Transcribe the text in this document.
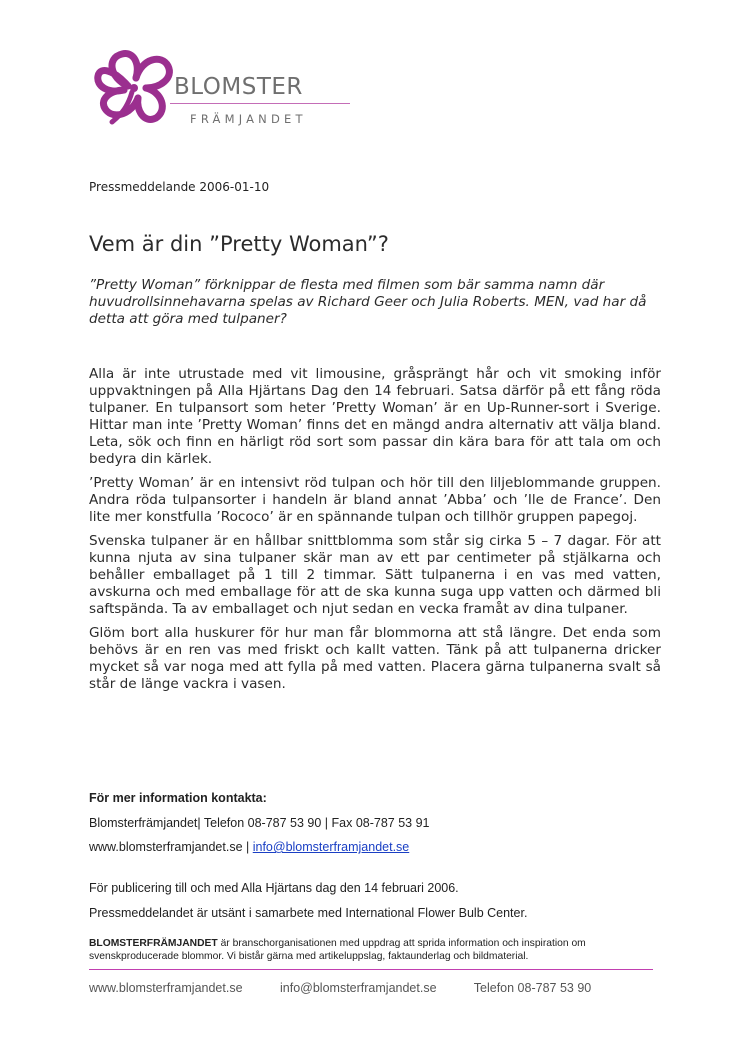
BLOMSTER
FRÄMJANDET
Pressmeddelande 2006-01-10
Vem är din ”Pretty Woman”?
”Pretty Woman” förknippar de flesta med filmen som bär samma namn där huvudrollsinnehavarna spelas av Richard Geer och Julia Roberts. MEN, vad har då detta att göra med tulpaner?

Alla är inte utrustade med vit limousine, gråsprängt hår och vit smoking inför uppvaktningen på Alla Hjärtans Dag den 14 februari. Satsa därför på ett fång röda tulpaner. En tulpansort som heter ’Pretty Woman’ är en Up-Runner-sort i Sverige. Hittar man inte ’Pretty Woman’ finns det en mängd andra alternativ att välja bland. Leta, sök och finn en härligt röd sort som passar din kära bara för att tala om och bedyra din kärlek.

’Pretty Woman’ är en intensivt röd tulpan och hör till den liljeblommande gruppen. Andra röda tulpansorter i handeln är bland annat ’Abba’ och ’Ile de France’. Den lite mer konstfulla ’Rococo’ är en spännande tulpan och tillhör gruppen papegoj.

Svenska tulpaner är en hållbar snittblomma som står sig cirka 5 – 7 dagar. För att kunna njuta av sina tulpaner skär man av ett par centimeter på stjälkarna och behåller emballaget på 1 till 2 timmar. Sätt tulpanerna i en vas med vatten, avskurna och med emballage för att de ska kunna suga upp vatten och därmed bli saftspända. Ta av emballaget och njut sedan en vecka framåt av dina tulpaner.

Glöm bort alla huskurer för hur man får blommorna att stå längre. Det enda som behövs är en ren vas med friskt och kallt vatten. Tänk på att tulpanerna dricker mycket så var noga med att fylla på med vatten. Placera gärna tulpanerna svalt så står de länge vackra i vasen.

För mer information kontakta:
Blomsterfrämjandet| Telefon 08-787 53 90 | Fax 08-787 53 91
www.blomsterframjandet.se | info@blomsterframjandet.se
För publicering till och med Alla Hjärtans dag den 14 februari 2006.
Pressmeddelandet är utsänt i samarbete med International Flower Bulb Center.
BLOMSTERFRÄMJANDET är branschorganisationen med uppdrag att sprida information och inspiration om svenskproducerade blommor. Vi bistår gärna med artikeluppslag, faktaunderlag och bildmaterial.
www.blomsterframjandet.se	info@blomsterframjandet.se	Telefon 08-787 53 90
